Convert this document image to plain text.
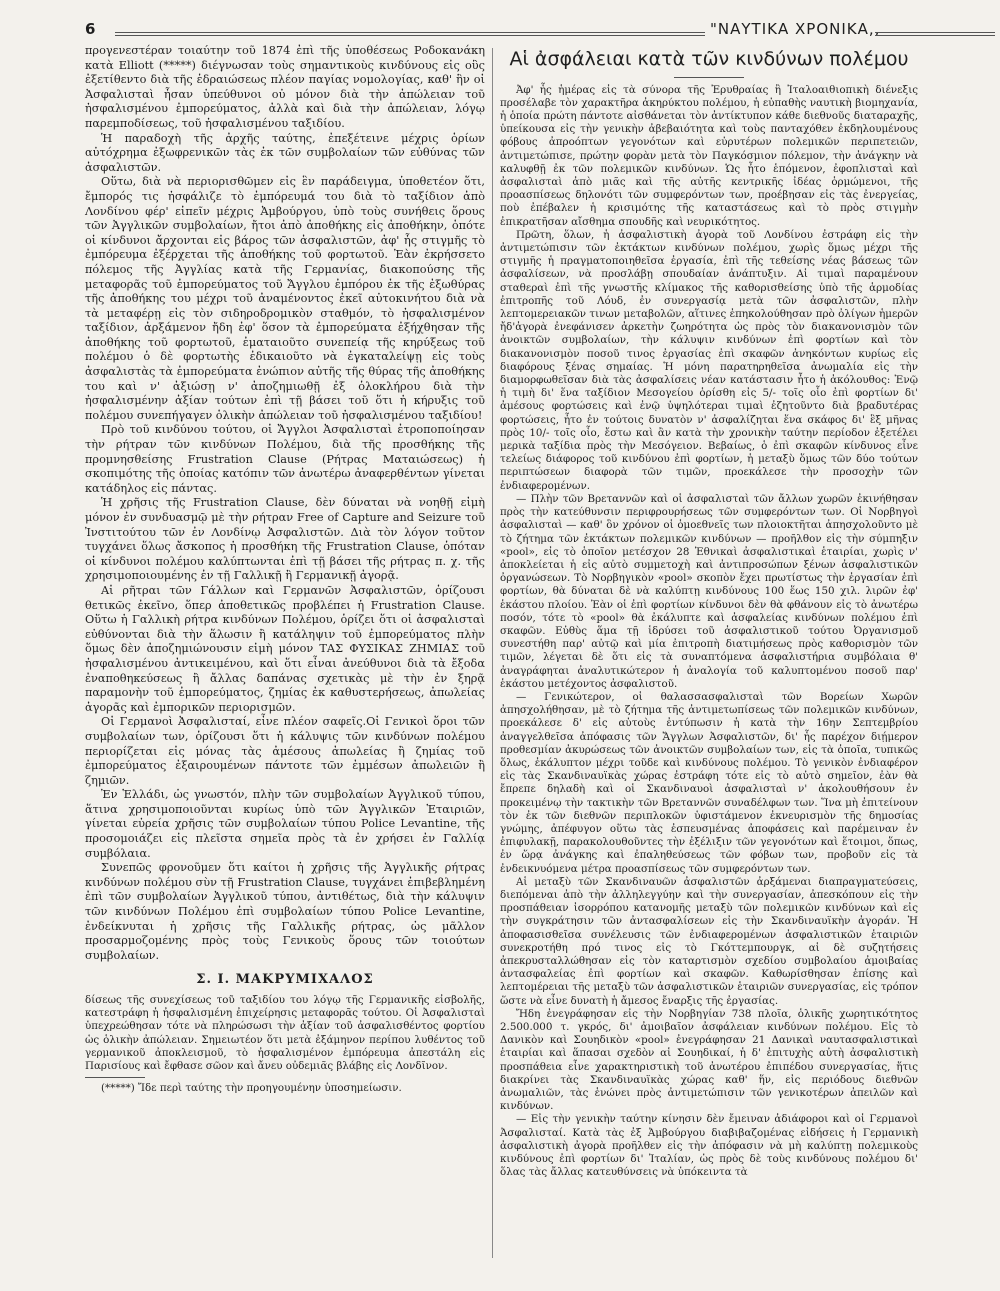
6	"ΝΑΥΤΙΚΑ ΧΡΟΝΙΚΑ,,

προγενεστέραν τοιαύτην τοῦ 1874 ἐπὶ τῆς ὑποθέσεως Ροδοκανάκη κατὰ Elliott (*****) διέγνωσαν τοὺς σημαντικοὺς κινδύνους εἰς οὓς ἐξετίθεντο διὰ τῆς ἑδραιώσεως πλέον παγίας νομολογίας, καθ' ἣν οἱ Ἀσφαλισταὶ ἦσαν ὑπεύθυνοι οὐ μόνον διὰ τὴν ἀπώλειαν τοῦ ἠσφαλισμένου ἐμπορεύματος, ἀλλὰ καὶ διὰ τὴν ἀπώλειαν, λόγῳ παρεμποδίσεως, τοῦ ἠσφαλισμένου ταξιδίου.

Ἡ παραδοχὴ τῆς ἀρχῆς ταύτης, ἐπεξέτεινε μέχρις ὁρίων αὐτόχρημα ἐξωφρενικῶν τὰς ἐκ τῶν συμβολαίων τῶν εὐθύνας τῶν ἀσφαλιστῶν.

Οὕτω, διὰ νὰ περιορισθῶμεν εἰς ἓν παράδειγμα, ὑποθετέον ὅτι, ἔμπορός τις ἠσφάλιζε τὸ ἐμπόρευμά του διὰ τὸ ταξίδιον ἀπὸ Λονδίνου φέρ' εἰπεῖν μέχρις Ἀμβούργου, ὑπὸ τοὺς συνήθεις ὅρους τῶν Ἀγγλικῶν συμβολαίων, ἤτοι ἀπὸ ἀποθήκης εἰς ἀποθήκην, ὁπότε οἱ κίνδυνοι ἄρχονται εἰς βάρος τῶν ἀσφαλιστῶν, ἀφ' ἧς στιγμῆς τὸ ἐμπόρευμα ἐξέρχεται τῆς ἀποθήκης τοῦ φορτωτοῦ. Ἐὰν ἐκρήσσετο πόλεμος τῆς Ἀγγλίας κατὰ τῆς Γερμανίας, διακοπούσης τῆς μεταφορᾶς τοῦ ἐμπορεύματος τοῦ Ἄγγλου ἐμπόρου ἐκ τῆς ἐξωθύρας τῆς ἀποθήκης του μέχρι τοῦ ἀναμένοντος ἐκεῖ αὐτοκινήτου διὰ νὰ τὰ μεταφέρῃ εἰς τὸν σιδηροδρομικὸν σταθμόν, τὸ ἠσφαλισμένον ταξίδιον, ἀρξάμενον ἤδη ἐφ' ὅσον τὰ ἐμπορεύματα ἐξήχθησαν τῆς ἀποθήκης τοῦ φορτωτοῦ, ἐματαιοῦτο συνεπείᾳ τῆς κηρύξεως τοῦ πολέμου ὁ δὲ φορτωτὴς ἐδικαιοῦτο νὰ ἐγκαταλείψῃ εἰς τοὺς ἀσφαλιστὰς τὰ ἐμπορεύματα ἐνώπιον αὐτῆς τῆς θύρας τῆς ἀποθήκης του καὶ ν' ἀξιώσῃ ν' ἀποζημιωθῇ ἐξ ὁλοκλήρου διὰ τὴν ἠσφαλισμένην ἀξίαν τούτων ἐπὶ τῇ βάσει τοῦ ὅτι ἡ κήρυξις τοῦ πολέμου συνεπήγαγεν ὁλικὴν ἀπώλειαν τοῦ ἠσφαλισμένου ταξιδίου!

Πρὸ τοῦ κινδύνου τούτου, οἱ Ἄγγλοι Ἀσφαλισταὶ ἐτροποποίησαν τὴν ρήτραν τῶν κινδύνων Πολέμου, διὰ τῆς προσθήκης τῆς προμνησθείσης Frustration Clause (Ρήτρας Ματαιώσεως) ἡ σκοπιμότης τῆς ὁποίας κατόπιν τῶν ἀνωτέρω ἀναφερθέντων γίνεται κατάδηλος εἰς πάντας.

Ἡ χρῆσις τῆς Frustration Clause, δὲν δύναται νὰ νοηθῇ εἰμὴ μόνον ἐν συνδυασμῷ μὲ τὴν ρήτραν Free of Capture and Seizure τοῦ Ἰνστιτούτου τῶν ἐν Λονδίνῳ Ἀσφαλιστῶν. Διὰ τὸν λόγον τοῦτον τυγχάνει ὅλως ἄσκοπος ἡ προσθήκη τῆς Frustration Clause, ὁπόταν οἱ κίνδυνοι πολέμου καλύπτωνται ἐπὶ τῇ βάσει τῆς ρήτρας π. χ. τῆς χρησιμοποιουμένης ἐν τῇ Γαλλικῇ ἢ Γερμανικῇ ἀγορᾷ.

Αἱ ρῆτραι τῶν Γάλλων καὶ Γερμανῶν Ἀσφαλιστῶν, ὁρίζουσι θετικῶς ἐκεῖνο, ὅπερ ἀποθετικῶς προβλέπει ἡ Frustration Clause. Οὕτω ἡ Γαλλικὴ ρήτρα κινδύνων Πολέμου, ὁρίζει ὅτι οἱ ἀσφαλισταὶ εὐθύνονται διὰ τὴν ἅλωσιν ἢ κατάληψιν τοῦ ἐμπορεύματος πλὴν ὅμως δὲν ἀποζημιώνουσιν εἰμὴ μόνον ΤΑΣ ΦΥΣΙΚΑΣ ΖΗΜΙΑΣ τοῦ ἠσφαλισμένου ἀντικειμένου, καὶ ὅτι εἶναι ἀνεύθυνοι διὰ τὰ ἔξοδα ἐναποθηκεύσεως ἢ ἄλλας δαπάνας σχετικὰς μὲ τὴν ἐν ξηρᾷ παραμονὴν τοῦ ἐμπορεύματος, ζημίας ἐκ καθυστερήσεως, ἀπωλείας ἀγορᾶς καὶ ἐμπορικῶν περιορισμῶν.

Οἱ Γερμανοὶ Ἀσφαλισταί, εἶνε πλέον σαφεῖς.Οἱ Γενικοὶ ὅροι τῶν συμβολαίων των, ὁρίζουσι ὅτι ἡ κάλυψις τῶν κινδύνων πολέμου περιορίζεται εἰς μόνας τὰς ἀμέσους ἀπωλείας ἢ ζημίας τοῦ ἐμπορεύματος ἐξαιρουμένων πάντοτε τῶν ἐμμέσων ἀπωλειῶν ἢ ζημιῶν.

Ἐν Ἑλλάδι, ὡς γνωστόν, πλὴν τῶν συμβολαίων Ἀγγλικοῦ τύπου, ἅτινα χρησιμοποιοῦνται κυρίως ὑπὸ τῶν Ἀγγλικῶν Ἑταιριῶν, γίνεται εὐρεία χρῆσις τῶν συμβολαίων τύπου Police Levantine, τῆς προσομοιάζει εἰς πλεῖστα σημεῖα πρὸς τὰ ἐν χρήσει ἐν Γαλλίᾳ συμβόλαια.

Συνεπῶς φρονοῦμεν ὅτι καίτοι ἡ χρῆσις τῆς Ἀγγλικῆς ρήτρας κινδύνων πολέμου σὺν τῇ Frustration Clause, τυγχάνει ἐπιβεβλημένη ἐπὶ τῶν συμβολαίων Ἀγγλικοῦ τύπου, ἀντιθέτως, διὰ τὴν κάλυψιν τῶν κινδύνων Πολέμου ἐπὶ συμβολαίων τύπου Police Levantine, ἐνδείκνυται ἡ χρῆσις τῆς Γαλλικῆς ρήτρας, ὡς μᾶλλον προσαρμοζομένης πρὸς τοὺς Γενικοὺς ὅρους τῶν τοιούτων συμβολαίων.

Σ. Ι. ΜΑΚΡΥΜΙΧΑΛΟΣ

δίσεως τῆς συνεχίσεως τοῦ ταξιδίου του λόγῳ τῆς Γερμανικῆς εἰσβολῆς, κατεστράφη ἡ ἠσφαλισμένη ἐπιχείρησις μεταφορᾶς τούτου. Οἱ Ἀσφαλισταὶ ὑπεχρεώθησαν τότε νὰ πληρώσωσι τὴν ἀξίαν τοῦ ἀσφαλισθέντος φορτίου ὡς ὁλικὴν ἀπώλειαν. Σημειωτέον ὅτι μετὰ ἐξάμηνον περίπου λυθέντος τοῦ γερμανικοῦ ἀποκλεισμοῦ, τὸ ἠσφαλισμένον ἐμπόρευμα ἀπεστάλη εἰς Παρισίους καὶ ἔφθασε σῶον καὶ ἄνευ οὐδεμιᾶς βλάβης εἰς Λονδῖνον.

(*****) Ἴδε περὶ ταύτης τὴν προηγουμένην ὑποσημείωσιν.

Αἱ ἀσφάλειαι κατὰ τῶν κινδύνων πολέμου

Ἀφ' ἧς ἡμέρας εἰς τὰ σύνορα τῆς Ἐρυθραίας ἢ Ἰταλοαιθιοπικὴ διένεξις προσέλαβε τὸν χαρακτῆρα ἀκηρύκτου πολέμου, ἡ εὐπαθὴς ναυτικὴ βιομηχανία, ἡ ὁποία πρώτη πάντοτε αἰσθάνεται τὸν ἀντίκτυπον κάθε διεθνοῦς διαταραχῆς, ὑπείκουσα εἰς τὴν γενικὴν ἀβεβαιότητα καὶ τοὺς πανταχόθεν ἐκδηλουμένους φόβους ἀπροόπτων γεγονότων καὶ εὐρυτέρων πολεμικῶν περιπετειῶν, ἀντιμετώπισε, πρώτην φορὰν μετὰ τὸν Παγκόσμιον πόλεμον, τὴν ἀνάγκην νὰ καλυφθῇ ἐκ τῶν πολεμικῶν κινδύνων. Ὡς ἦτο ἑπόμενον, ἐφοπλισταὶ καὶ ἀσφαλισταὶ ἀπὸ μιᾶς καὶ τῆς αὐτῆς κεντρικῆς ἰδέας ὁρμώμενοι, τῆς προασπίσεως δηλονότι τῶν συμφερόντων των, προέβησαν εἰς τὰς ἐνεργείας, ποὺ ἐπέβαλεν ἡ κρισιμότης τῆς καταστάσεως καὶ τὸ πρὸς στιγμὴν ἐπικρατῆσαν αἴσθημα σπουδῆς καὶ νευρικότητος.

Πρῶτη, ὅλων, ἡ ἀσφαλιστικὴ ἀγορὰ τοῦ Λονδίνου ἐστράφη εἰς τὴν ἀντιμετώπισιν τῶν ἐκτάκτων κινδύνων πολέμου, χωρὶς ὅμως μέχρι τῆς στιγμῆς ἡ πραγματοποιηθεῖσα ἐργασία, ἐπὶ τῆς τεθείσης νέας βάσεως τῶν ἀσφαλίσεων, νὰ προσλάβῃ σπουδαίαν ἀνάπτυξιν. Αἱ τιμαὶ παραμένουν σταθεραὶ ἐπὶ τῆς γνωστῆς κλίμακος τῆς καθορισθείσης ὑπὸ τῆς ἁρμοδίας ἐπιτροπῆς τοῦ Λόυδ, ἐν συνεργασίᾳ μετὰ τῶν ἀσφαλιστῶν, πλὴν λεπτομερειακῶν τινων μεταβολῶν, αἵτινες ἐπηκολούθησαν πρὸ ὀλίγων ἡμερῶν ἤδ'ἀγορὰ ἐνεφάνισεν ἀρκετὴν ζωηρότητα ὡς πρὸς τὸν διακανονισμὸν τῶν ἀνοικτῶν συμβολαίων, τὴν κάλυψιν κινδύνων ἐπὶ φορτίων καὶ τὸν διακανονισμὸν ποσοῦ τινος ἐργασίας ἐπὶ σκαφῶν ἀνηκόντων κυρίως εἰς διαφόρους ξένας σημαίας. Ἡ μόνη παρατηρηθεῖσα ἀνωμαλία εἰς τὴν διαμορφωθεῖσαν διὰ τὰς ἀσφαλίσεις νέαν κατάστασιν ἦτο ἡ ἀκόλουθος: Ἐνῷ ἡ τιμὴ δι' ἕνα ταξίδιον Μεσογείου ὁρίσθη εἰς 5/- τοῖς οἷο ἐπὶ φορτίων δι' ἀμέσους φορτώσεις καὶ ἐνῷ ὑψηλότεραι τιμαὶ ἐζητοῦντο διὰ βραδυτέρας φορτώσεις, ἦτο ἐν τούτοις δυνατὸν ν' ἀσφαλίζηται ἕνα σκάφος δι' ἓξ μῆνας πρὸς 10/- τοῖς οἷο, ἔστω καὶ ἂν κατὰ τὴν χρονικὴν ταύτην περίοδον ἐξετέλει μερικὰ ταξίδια πρὸς τὴν Μεσόγειον. Βεβαίως, ὁ ἐπὶ σκαφῶν κίνδυνος εἶνε τελείως διάφορος τοῦ κινδύνου ἐπὶ φορτίων, ἡ μεταξὺ ὅμως τῶν δύο τούτων περιπτώσεων διαφορὰ τῶν τιμῶν, προεκάλεσε τὴν προσοχὴν τῶν ἐνδιαφερομένων.

— Πλὴν τῶν Βρεταννῶν καὶ οἱ ἀσφαλισταὶ τῶν ἄλλων χωρῶν ἐκινήθησαν πρὸς τὴν κατεύθυνσιν περιφρουρήσεως τῶν συμφερόντων των. Οἱ Νορβηγοὶ ἀσφαλισταὶ — καθ' ὃν χρόνον οἱ ὁμοεθνεῖς των πλοιοκτῆται ἀπησχολοῦντο μὲ τὸ ζήτημα τῶν ἐκτάκτων πολεμικῶν κινδύνων — προῆλθον εἰς τὴν σύμπηξιν «pool», εἰς τὸ ὁποῖον μετέσχον 28 Ἐθνικαὶ ἀσφαλιστικαὶ ἑταιρίαι, χωρὶς ν' ἀποκλείεται ἡ εἰς αὐτὸ συμμετοχὴ καὶ ἀντιπροσώπων ξένων ἀσφαλιστικῶν ὀργανώσεων. Τὸ Νορβηγικὸν «pool» σκοπὸν ἔχει πρωτίστως τὴν ἐργασίαν ἐπὶ φορτίων, θὰ δύναται δὲ νὰ καλύπτῃ κινδύνους 100 ἕως 150 χιλ. λιρῶν ἐφ' ἑκάστου πλοίου. Ἐὰν οἱ ἐπὶ φορτίων κίνδυνοι δὲν θὰ φθάνουν εἰς τὸ ἀνωτέρω ποσόν, τότε τὸ «pool» θὰ ἐκάλυπτε καὶ ἀσφαλείας κινδύνων πολέμου ἐπὶ σκαφῶν. Εὐθὺς ἅμα τῇ ἱδρύσει τοῦ ἀσφαλιστικοῦ τούτου Ὀργανισμοῦ συνεστήθη παρ' αὐτῷ καὶ μία ἐπιτροπὴ διατιμήσεως πρὸς καθορισμὸν τῶν τιμῶν, λέγεται δὲ ὅτι εἰς τὰ συναπτόμενα ἀσφαλιστήρια συμβόλαια θ' ἀναγράφηται ἀναλυτικώτερον ἡ ἀναλογία τοῦ καλυπτομένου ποσοῦ παρ' ἑκάστου μετέχοντος ἀσφαλιστοῦ.

— Γενικώτερον, οἱ θαλασσασφαλισταὶ τῶν Βορείων Χωρῶν ἀπησχολήθησαν, μὲ τὸ ζήτημα τῆς ἀντιμετωπίσεως τῶν πολεμικῶν κινδύνων, προεκάλεσε δ' εἰς αὐτοὺς ἐντύπωσιν ἡ κατὰ τὴν 16ην Σεπτεμβρίου ἀναγγελθεῖσα ἀπόφασις τῶν Ἄγγλων Ἀσφαλιστῶν, δι' ἧς παρέχον διῄμερον προθεσμίαν ἀκυρώσεως τῶν ἀνοικτῶν συμβολαίων των, εἰς τὰ ὁποῖα, τυπικῶς ὅλως, ἐκάλυπτον μέχρι τοῦδε καὶ κινδύνους πολέμου. Τὸ γενικὸν ἐνδιαφέρον εἰς τὰς Σκανδιναυϊκὰς χώρας ἐστράφη τότε εἰς τὸ αὐτὸ σημεῖον, ἐὰν θὰ ἔπρεπε δηλαδὴ καὶ οἱ Σκανδιναυοὶ ἀσφαλισταὶ ν' ἀκολουθήσουν ἐν προκειμένῳ τὴν τακτικὴν τῶν Βρεταννῶν συναδέλφων των. Ἵνα μὴ ἐπιτείνουν τὸν ἐκ τῶν διεθνῶν περιπλοκῶν ὑφιστάμενον ἐκνευρισμὸν τῆς δημοσίας γνώμης, ἀπέφυγον οὕτω τὰς ἐσπευσμένας ἀποφάσεις καὶ παρέμειναν ἐν ἐπιφυλακῇ, παρακολουθοῦντες τὴν ἐξέλιξιν τῶν γεγονότων καὶ ἕτοιμοι, ὅπως, ἐν ὥρᾳ ἀνάγκης καὶ ἐπαληθεύσεως τῶν φόβων των, προβοῦν εἰς τὰ ἐνδεικνυόμενα μέτρα προασπίσεως τῶν συμφερόντων των.

Αἱ μεταξὺ τῶν Σκανδιναυῶν ἀσφαλιστῶν ἀρξάμεναι διαπραγματεύσεις, διεπόμεναι ἀπὸ τὴν ἀλληλεγγύην καὶ τὴν συνεργασίαν, ἀπεσκόπουν εἰς τὴν προσπάθειαν ἰσορρόπου κατανομῆς μεταξὺ τῶν πολεμικῶν κινδύνων καὶ εἰς τὴν συγκράτησιν τῶν ἀντασφαλίσεων εἰς τὴν Σκανδιναυϊκὴν ἀγοράν. Ἡ ἀποφασισθεῖσα συνέλευσις τῶν ἐνδιαφερομένων ἀσφαλιστικῶν ἑταιριῶν συνεκροτήθη πρό τινος εἰς τὸ Γκόττεμπουργκ, αἱ δὲ συζητήσεις ἀπεκρυσταλλώθησαν εἰς τὸν καταρτισμὸν σχεδίου συμβολαίου ἀμοιβαίας ἀντασφαλείας ἐπὶ φορτίων καὶ σκαφῶν. Καθωρίσθησαν ἐπίσης καὶ λεπτομέρειαι τῆς μεταξὺ τῶν ἀσφαλιστικῶν ἑταιριῶν συνεργασίας, εἰς τρόπον ὥστε νὰ εἶνε δυνατὴ ἡ ἄμεσος ἔναρξις τῆς ἐργασίας.

Ἤδη ἐνεγράφησαν εἰς τὴν Νορβηγίαν 738 πλοῖα, ὁλικῆς χωρητικότητος 2.500.000 τ. γκρός, δι' ἀμοιβαῖον ἀσφάλειαν κινδύνων πολέμου. Εἰς τὸ Δανικὸν καὶ Σουηδικὸν «pool» ἐνεγράφησαν 21 Δανικαὶ ναυτασφαλιστικαὶ ἑταιρίαι καὶ ἅπασαι σχεδὸν αἱ Σουηδικαί, ἡ δ' ἐπιτυχὴς αὐτὴ ἀσφαλιστικὴ προσπάθεια εἶνε χαρακτηριστικὴ τοῦ ἀνωτέρου ἐπιπέδου συνεργασίας, ἥτις διακρίνει τὰς Σκανδιναυϊκὰς χώρας καθ' ἥν, εἰς περιόδους διεθνῶν ἀνωμαλιῶν, τὰς ἑνώνει πρὸς ἀντιμετώπισιν τῶν γενικοτέρων ἀπειλῶν καὶ κινδύνων.

— Εἰς τὴν γενικὴν ταύτην κίνησιν δὲν ἔμειναν ἀδιάφοροι καὶ οἱ Γερμανοὶ Ἀσφαλισταί. Κατὰ τὰς ἐξ Ἀμβούργου διαβιβαζομένας εἰδήσεις ἡ Γερμανικὴ ἀσφαλιστικὴ ἀγορὰ προῆλθεν εἰς τὴν ἀπόφασιν νὰ μὴ καλύπτῃ πολεμικοὺς κινδύνους ἐπὶ φορτίων δι' Ἰταλίαν, ὡς πρὸς δὲ τοὺς κινδύνους πολέμου δι' ὅλας τὰς ἄλλας κατευθύνσεις νὰ ὑπόκειντα τὰ
